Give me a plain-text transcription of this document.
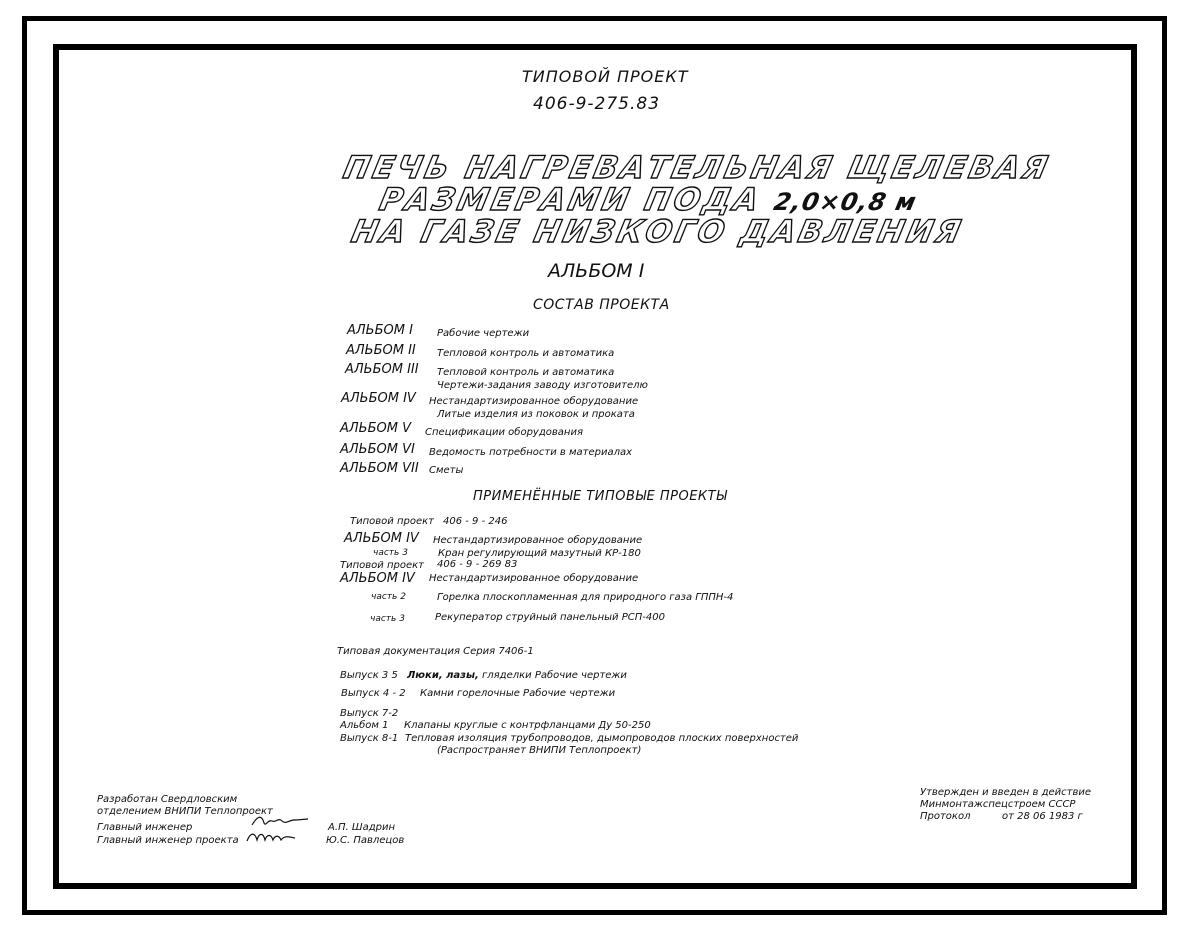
ТИПОВОЙ ПРОЕКТ
406-9-275.83
ПЕЧЬ НАГРЕВАТЕЛЬНАЯ ЩЕЛЕВАЯ
РАЗМЕРАМИ ПОДА 2,0×0,8 м
НА ГАЗЕ НИЗКОГО ДАВЛЕНИЯ
АЛЬБОМ I
СОСТАВ ПРОЕКТА
АЛЬБОМ I Рабочие чертежи
АЛЬБОМ II Тепловой контроль и автоматика
АЛЬБОМ III Тепловой контроль и автоматика
Чертежи-задания заводу изготовителю
АЛЬБОМ IV Нестандартизированное оборудование
Литые изделия из поковок и проката
АЛЬБОМ V Спецификации оборудования
АЛЬБОМ VI Ведомость потребности в материалах
АЛЬБОМ VII Сметы
ПРИМЕНЁННЫЕ ТИПОВЫЕ ПРОЕКТЫ
Типовой проект 406 - 9 - 246
АЛЬБОМ IV Нестандартизированное оборудование
часть 3	Кран регулирующий мазутный КР-180
Типовой проект 406 - 9 - 269 83
АЛЬБОМ IV Нестандартизированное оборудование
часть 2	Горелка плоскопламенная для природного газа ГППН-4
часть 3	Рекуператор струйный панельный РСП-400
Типовая документация Серия 7406-1
Выпуск 3 5 Люки, лазы, гляделки Рабочие чертежи
Выпуск 4 - 2 Камни горелочные Рабочие чертежи
Выпуск 7-2
Альбом 1 Клапаны круглые с контрфланцами Ду 50-250
Выпуск 8-1 Тепловая изоляция трубопроводов, дымопроводов плоских поверхностей
(Распространяет ВНИПИ Теплопроект)
Разработан Свердловским
отделением ВНИПИ Теплопроект
Главный инженер	А.П. Шадрин
Главный инженер проекта	Ю.С. Павлецов
Утвержден и введен в действие
Минмонтажспецстроем СССР
Протокол	от 28 06 1983 г
